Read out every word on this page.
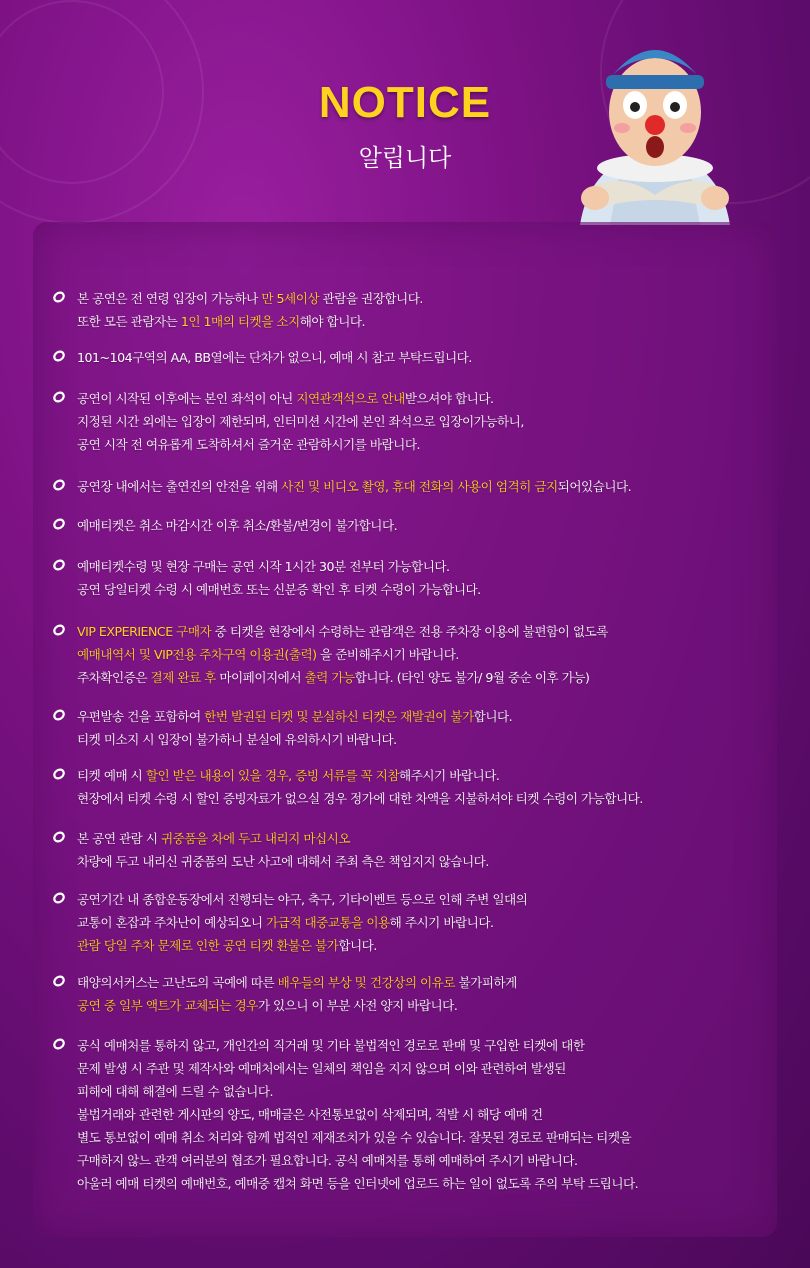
NOTICE
알립니다
본 공연은 전 연령 입장이 가능하나 만 5세이상 관람을 권장합니다.
또한 모든 관람자는 1인 1매의 티켓을 소지해야 합니다.
101~104구역의 AA, BB열에는 단차가 없으니, 예매 시 참고 부탁드립니다.
공연이 시작된 이후에는 본인 좌석이 아닌 지연관객석으로 안내받으셔야 합니다.
지정된 시간 외에는 입장이 제한되며, 인터미션 시간에 본인 좌석으로 입장이가능하니,
공연 시작 전 여유롭게 도착하셔서 즐거운 관람하시기를 바랍니다.
공연장 내에서는 출연진의 안전을 위해 사진 및 비디오 촬영, 휴대 전화의 사용이 엄격히 금지되어있습니다.
예매티켓은 취소 마감시간 이후 취소/환불/변경이 불가합니다.
예매티켓수령 및 현장 구매는 공연 시작 1시간 30분 전부터 가능합니다.
공연 당일티켓 수령 시 예매번호 또는 신분증 확인 후 티켓 수령이 가능합니다.
VIP EXPERIENCE 구매자 중 티켓을 현장에서 수령하는 관람객은 전용 주차장 이용에 불편함이 없도록
예매내역서 및 VIP전용 주차구역 이용권(출력) 을 준비해주시기 바랍니다.
주차확인증은 결제 완료 후 마이페이지에서 출력 가능합니다. (타인 양도 불가/ 9월 중순 이후 가능)
우편발송 건을 포함하여 한번 발권된 티켓 및 분실하신 티켓은 재발권이 불가합니다.
티켓 미소지 시 입장이 불가하니 분실에 유의하시기 바랍니다.
티켓 예매 시 할인 받은 내용이 있을 경우, 증빙 서류를 꼭 지참해주시기 바랍니다.
현장에서 티켓 수령 시 할인 증빙자료가 없으실 경우 정가에 대한 차액을 지불하셔야 티켓 수령이 가능합니다.
본 공연 관람 시 귀중품을 차에 두고 내리지 마십시오
차량에 두고 내리신 귀중품의 도난 사고에 대해서 주최 측은 책임지지 않습니다.
공연기간 내 종합운동장에서 진행되는 야구, 축구, 기타이벤트 등으로 인해 주변 일대의
교통이 혼잡과 주차난이 예상되오니 가급적 대중교통을 이용해 주시기 바랍니다.
관람 당일 주차 문제로 인한 공연 티켓 환불은 불가합니다.
태양의서커스는 고난도의 곡예에 따른 배우들의 부상 및 건강상의 이유로 불가피하게
공연 중 일부 액트가 교체되는 경우가 있으니 이 부분 사전 양지 바랍니다.
공식 예매처를 통하지 않고, 개인간의 직거래 및 기타 불법적인 경로로 판매 및 구입한 티켓에 대한
문제 발생 시 주관 및 제작사와 예매처에서는 일체의 책임을 지지 않으며 이와 관련하여 발생된
피해에 대해 해결에 드릴 수 없습니다.
불법거래와 관련한 게시판의 양도, 매매글은 사전통보없이 삭제되며, 적발 시 해당 예매 건
별도 통보없이 예매 취소 처리와 함께 법적인 제재조치가 있을 수 있습니다. 잘못된 경로로 판매되는 티켓을
구매하지 않느 관객 여러분의 협조가 필요합니다. 공식 예매처를 통해 예매하여 주시기 바랍니다.
아울러 예매 티켓의 예매번호, 예매중 캡쳐 화면 등을 인터넷에 업로드 하는 일이 없도록 주의 부탁 드립니다.
